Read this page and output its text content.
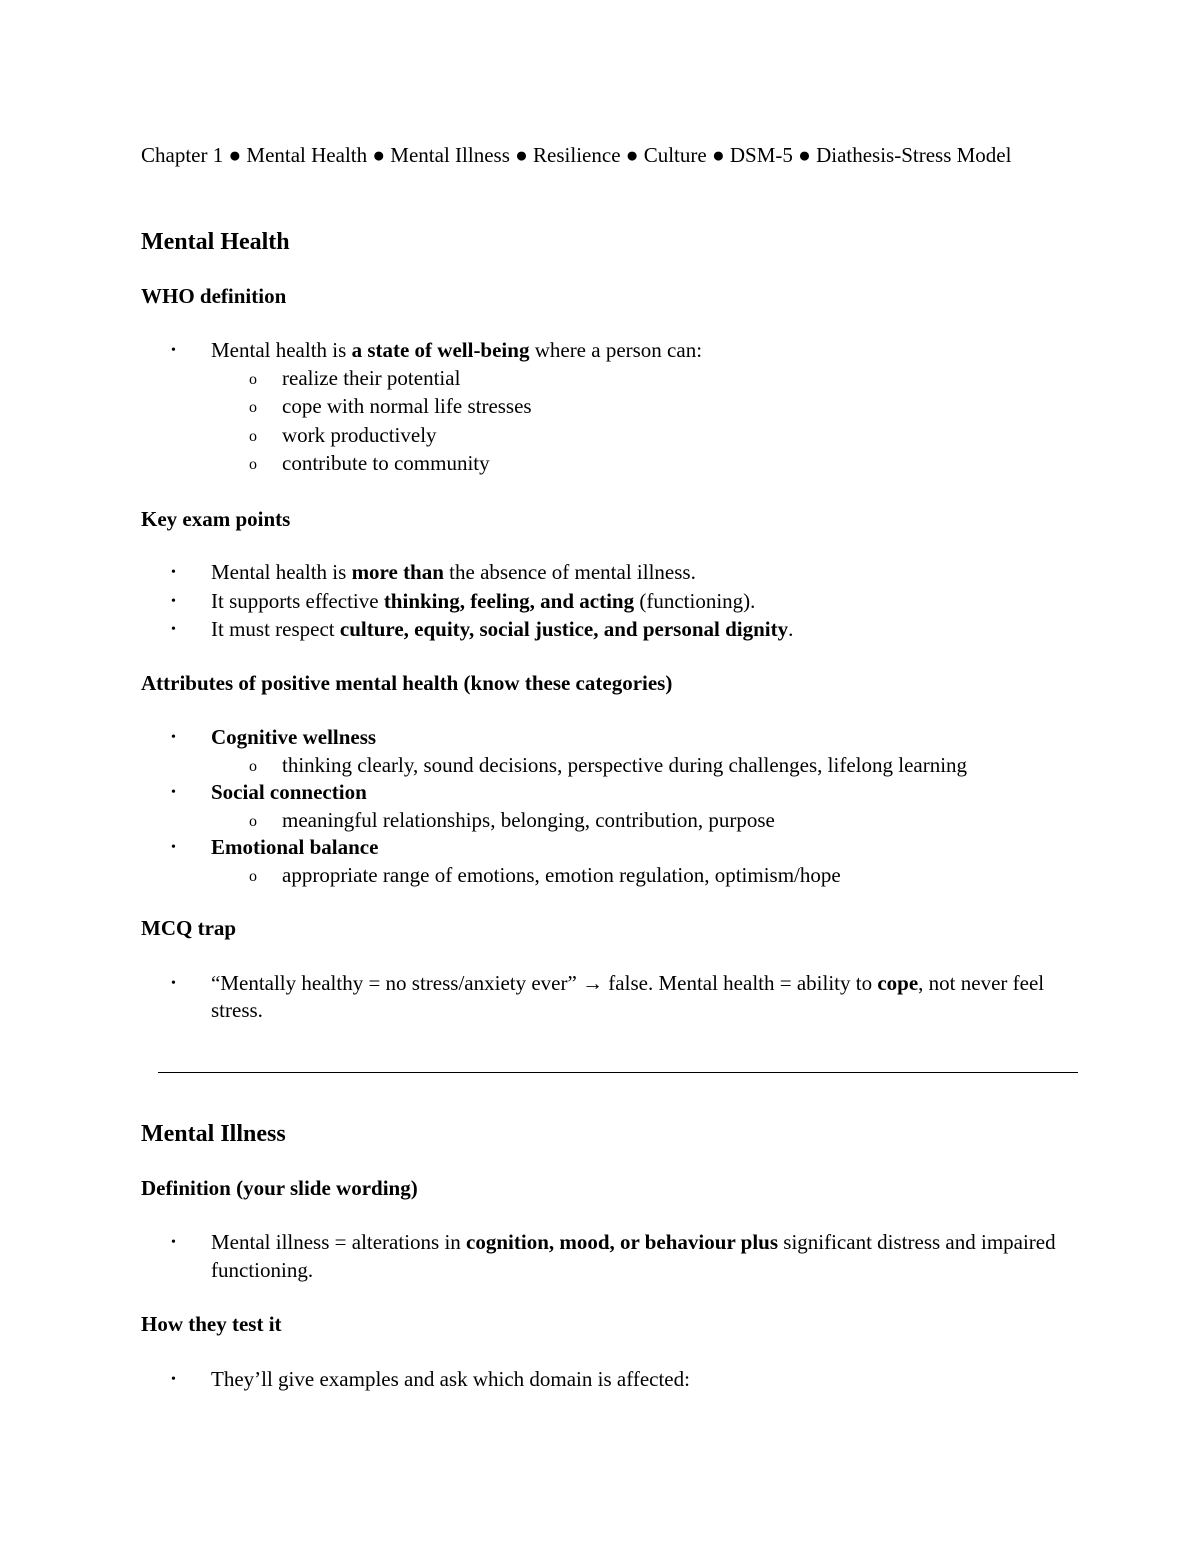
Chapter 1 ● Mental Health ● Mental Illness ● Resilience ● Culture ● DSM-5 ● Diathesis-Stress Model

Mental Health
WHO definition
• Mental health is a state of well-being where a person can:
o realize their potential
o cope with normal life stresses
o work productively
o contribute to community
Key exam points
• Mental health is more than the absence of mental illness.
• It supports effective thinking, feeling, and acting (functioning).
• It must respect culture, equity, social justice, and personal dignity.
Attributes of positive mental health (know these categories)
• Cognitive wellness
o thinking clearly, sound decisions, perspective during challenges, lifelong learning
• Social connection
o meaningful relationships, belonging, contribution, purpose
• Emotional balance
o appropriate range of emotions, emotion regulation, optimism/hope
MCQ trap
• “Mentally healthy = no stress/anxiety ever” → false. Mental health = ability to cope, not never feel stress.
Mental Illness
Definition (your slide wording)
• Mental illness = alterations in cognition, mood, or behaviour plus significant distress and impaired functioning.
How they test it
• They’ll give examples and ask which domain is affected:
